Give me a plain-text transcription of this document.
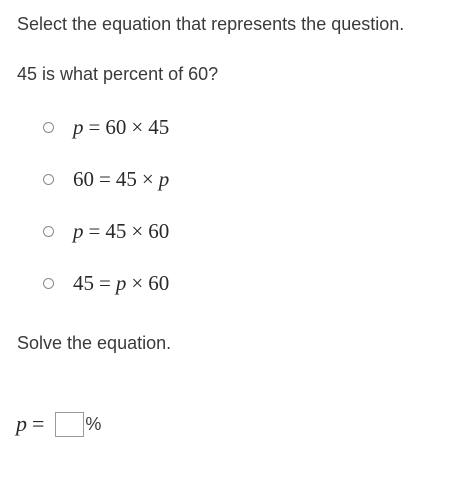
Select the equation that represents the question.
45 is what percent of 60?
p = 60 × 45
60 = 45 × p
p = 45 × 60
45 = p × 60
Solve the equation.
p = %
